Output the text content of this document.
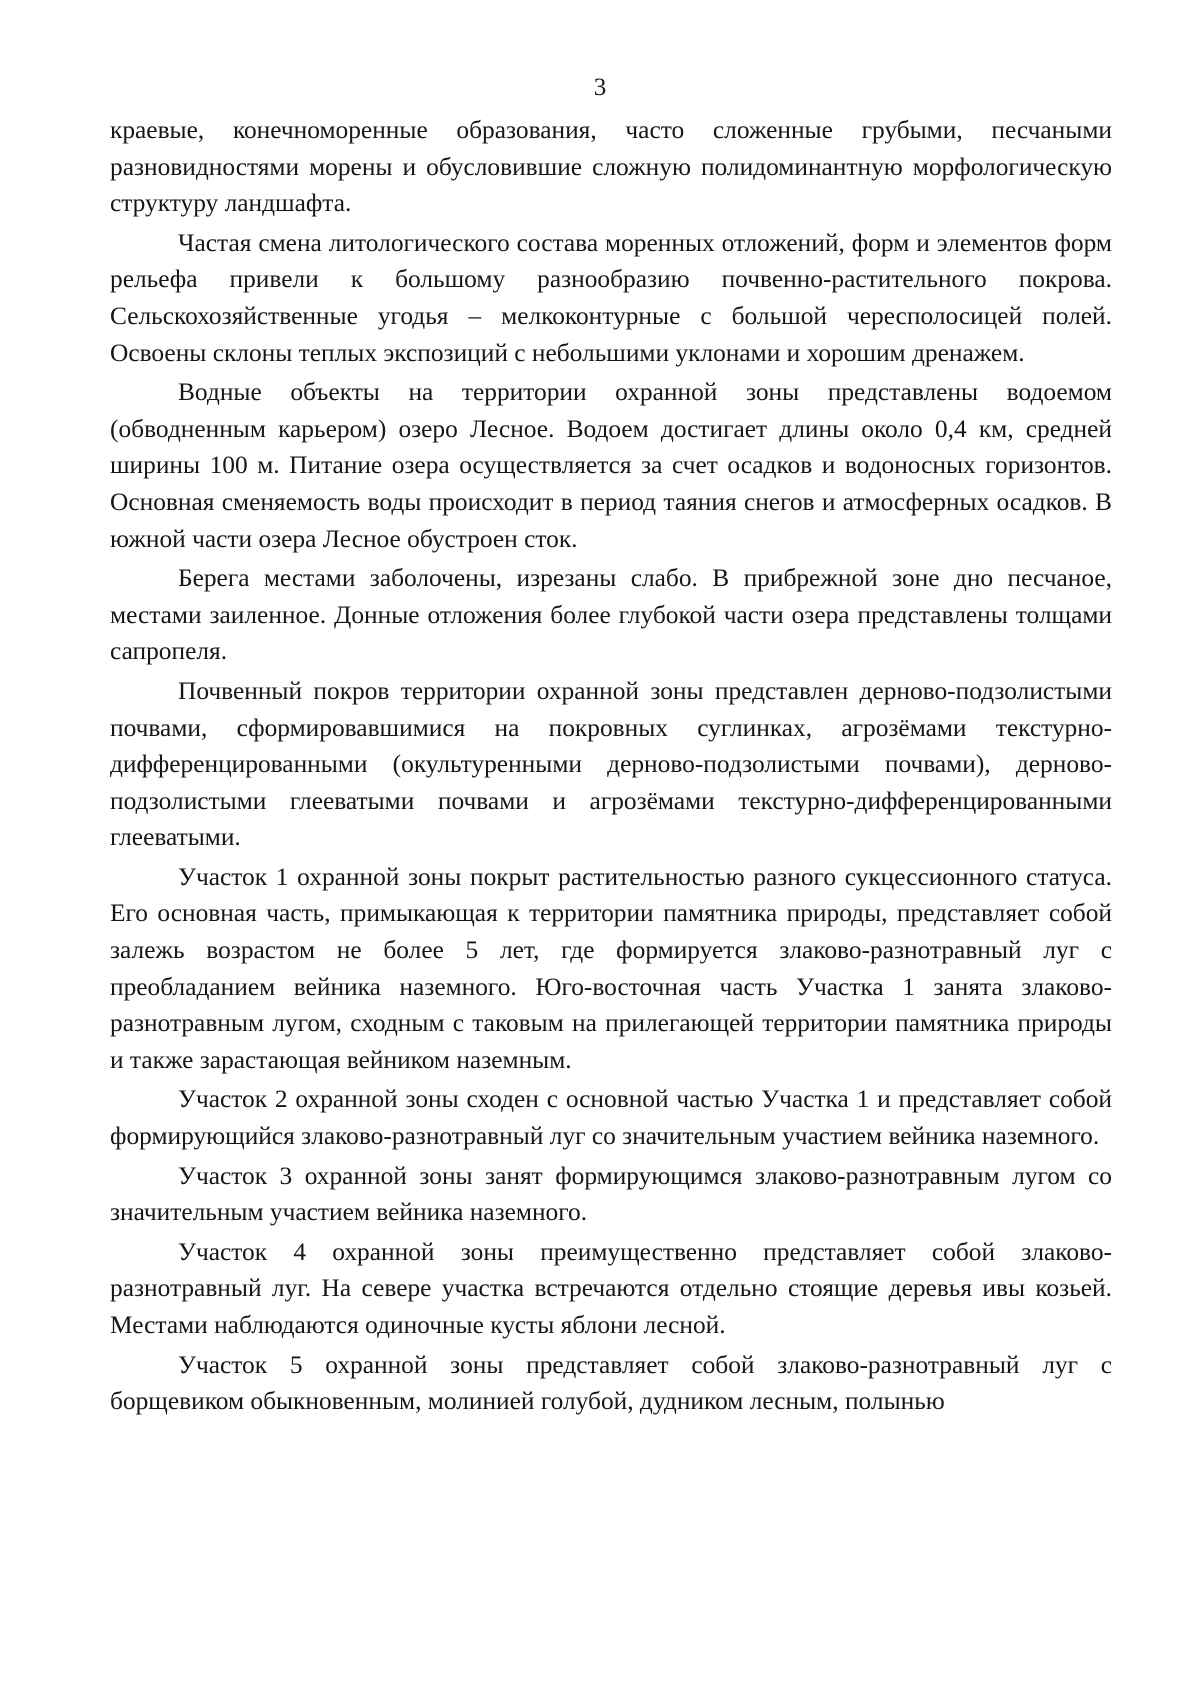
3

краевые, конечноморенные образования, часто сложенные грубыми, песчаными разновидностями морены и обусловившие сложную полидоминантную морфологическую структуру ландшафта.

Частая смена литологического состава моренных отложений, форм и элементов форм рельефа привели к большому разнообразию почвенно-растительного покрова. Сельскохозяйственные угодья – мелкоконтурные с большой чересполосицей полей. Освоены склоны теплых экспозиций с небольшими уклонами и хорошим дренажем.

Водные объекты на территории охранной зоны представлены водоемом (обводненным карьером) озеро Лесное. Водоем достигает длины около 0,4 км, средней ширины 100 м. Питание озера осуществляется за счет осадков и водоносных горизонтов. Основная сменяемость воды происходит в период таяния снегов и атмосферных осадков. В южной части озера Лесное обустроен сток.

Берега местами заболочены, изрезаны слабо. В прибрежной зоне дно песчаное, местами заиленное. Донные отложения более глубокой части озера представлены толщами сапропеля.

Почвенный покров территории охранной зоны представлен дерново-подзолистыми почвами, сформировавшимися на покровных суглинках, агрозёмами текстурно-дифференцированными (окультуренными дерново-подзолистыми почвами), дерново-подзолистыми глееватыми почвами и агрозёмами текстурно-дифференцированными глееватыми.

Участок 1 охранной зоны покрыт растительностью разного сукцессионного статуса. Его основная часть, примыкающая к территории памятника природы, представляет собой залежь возрастом не более 5 лет, где формируется злаково-разнотравный луг с преобладанием вейника наземного. Юго-восточная часть Участка 1 занята злаково-разнотравным лугом, сходным с таковым на прилегающей территории памятника природы и также зарастающая вейником наземным.

Участок 2 охранной зоны сходен с основной частью Участка 1 и представляет собой формирующийся злаково-разнотравный луг со значительным участием вейника наземного.

Участок 3 охранной зоны занят формирующимся злаково-разнотравным лугом со значительным участием вейника наземного.

Участок 4 охранной зоны преимущественно представляет собой злаково-разнотравный луг. На севере участка встречаются отдельно стоящие деревья ивы козьей. Местами наблюдаются одиночные кусты яблони лесной.

Участок 5 охранной зоны представляет собой злаково-разнотравный луг с борщевиком обыкновенным, молинией голубой, дудником лесным, полынью
